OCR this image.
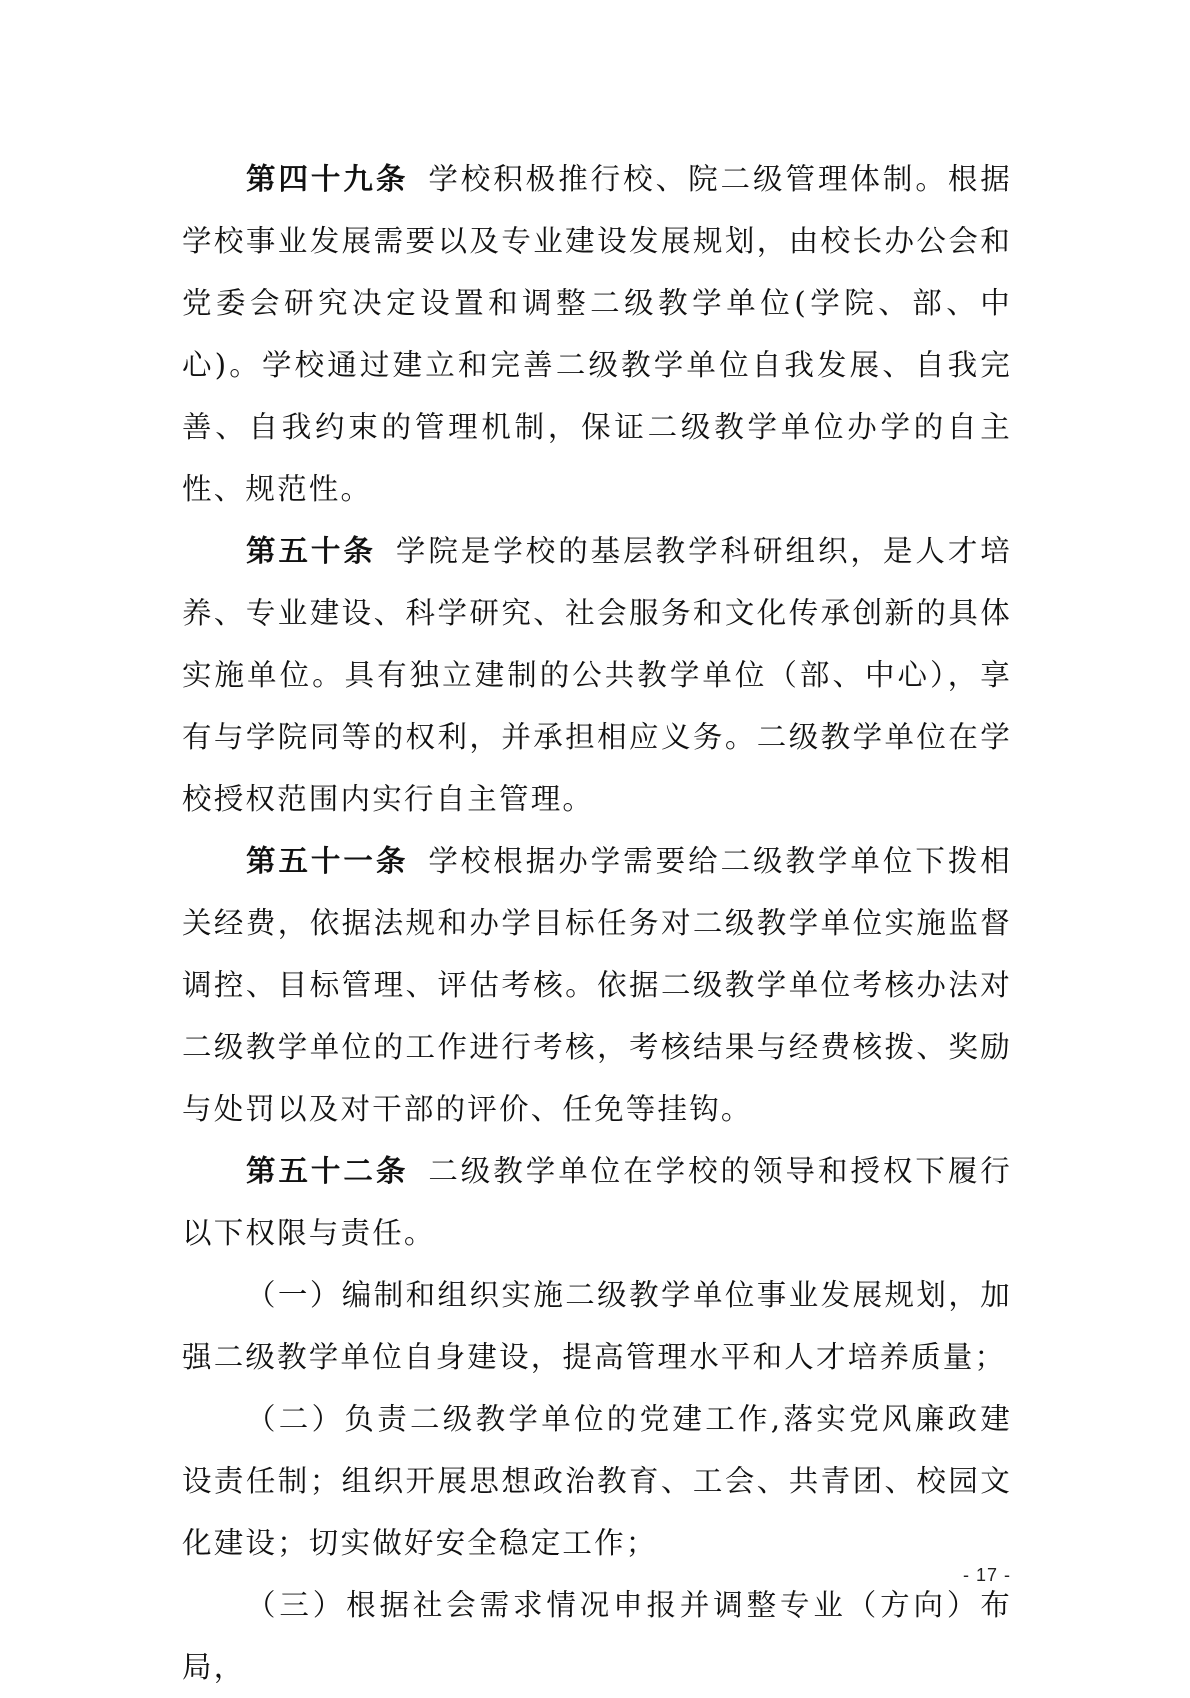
第四十九条 学校积极推行校、院二级管理体制。根据学校事业发展需要以及专业建设发展规划，由校长办公会和党委会研究决定设置和调整二级教学单位(学院、部、中心)。学校通过建立和完善二级教学单位自我发展、自我完善、自我约束的管理机制，保证二级教学单位办学的自主性、规范性。

第五十条 学院是学校的基层教学科研组织，是人才培养、专业建设、科学研究、社会服务和文化传承创新的具体实施单位。具有独立建制的公共教学单位（部、中心），享有与学院同等的权利，并承担相应义务。二级教学单位在学校授权范围内实行自主管理。

第五十一条 学校根据办学需要给二级教学单位下拨相关经费，依据法规和办学目标任务对二级教学单位实施监督调控、目标管理、评估考核。依据二级教学单位考核办法对二级教学单位的工作进行考核，考核结果与经费核拨、奖励与处罚以及对干部的评价、任免等挂钩。

第五十二条 二级教学单位在学校的领导和授权下履行以下权限与责任。

（一）编制和组织实施二级教学单位事业发展规划，加强二级教学单位自身建设，提高管理水平和人才培养质量；

（二）负责二级教学单位的党建工作,落实党风廉政建设责任制；组织开展思想政治教育、工会、共青团、校园文化建设；切实做好安全稳定工作；

（三）根据社会需求情况申报并调整专业（方向）布局，

- 17 -
